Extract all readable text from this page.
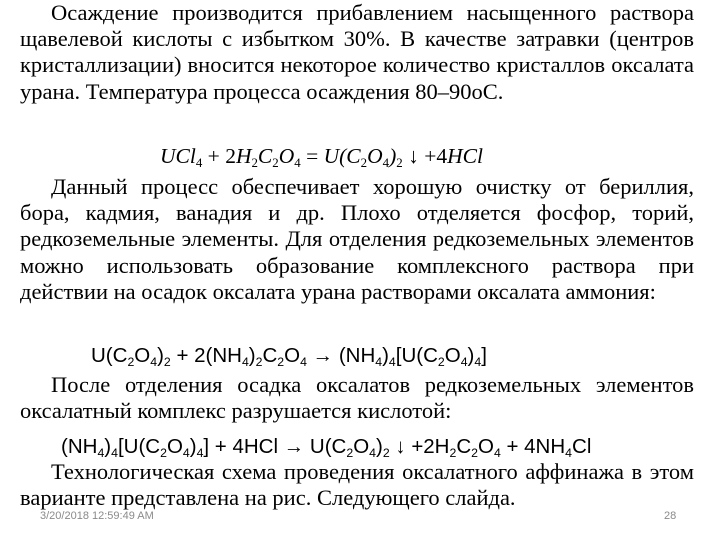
Осаждение производится прибавлением насыщенного раствора щавелевой кислоты с избытком 30%. В качестве затравки (центров кристаллизации) вносится некоторое количество кристаллов оксалата урана. Температура процесса осаждения 80–90оС.
$UCl_4 + 2H_2C_2O_4 = U(C_2O_4)_2$ ↓ +4HCl
Данный процесс обеспечивает хорошую очистку от бериллия, бора, кадмия, ванадия и др. Плохо отделяется фосфор, торий, редкоземельные элементы. Для отделения редкоземельных элементов можно использовать образование комплексного раствора при действии на осадок оксалата урана растворами оксалата аммония:
$U(C_2O_4)_2 + 2(NH_4)_2C_2O_4 \to (NH_4)_4[U(C_2O_4)_4]$
После отделения осадка оксалатов редкоземельных элементов оксалатный комплекс разрушается кислотой:
$(NH_4)_4[U(C_2O_4)_4] + 4HCl \to U(C_2O_4)_2$ ↓ $+2H_2C_2O_4 + 4NH_4Cl$
Технологическая схема проведения оксалатного аффинажа в этом варианте представлена на рис. Следующего слайда.
3/20/2018 12:59:49 AM	28
